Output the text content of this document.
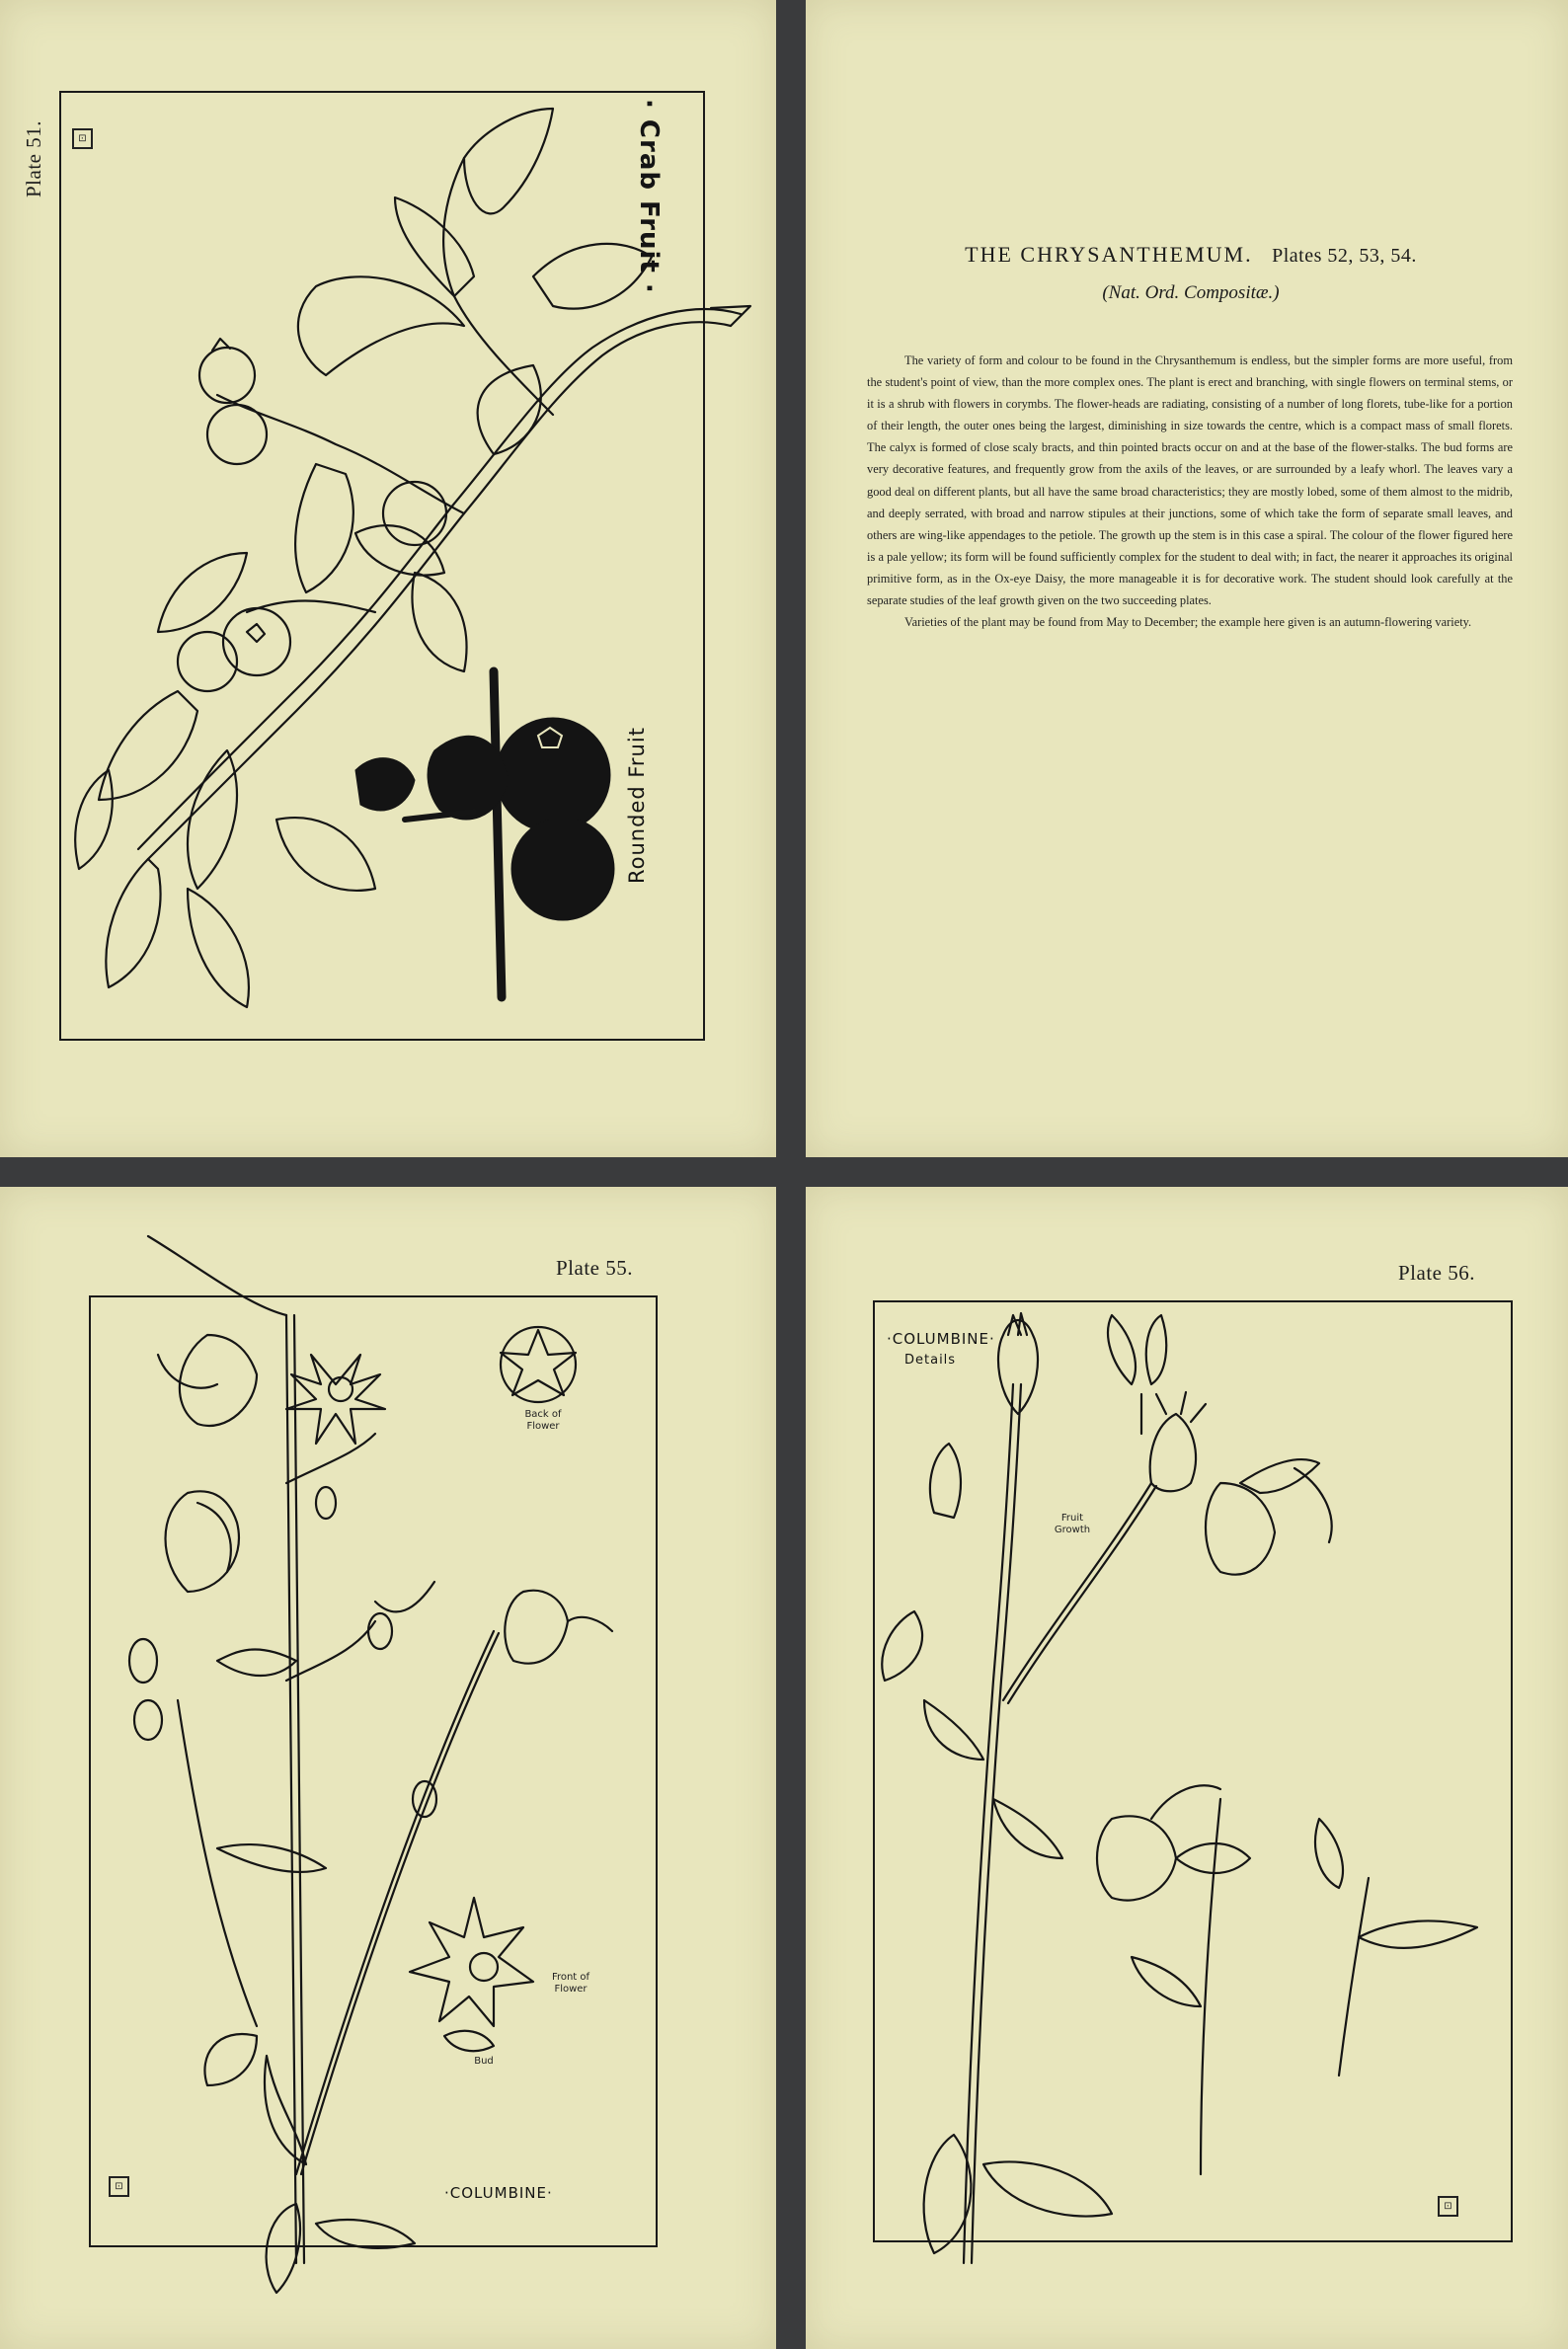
Plate 51.	⊡	· Crab Fruit ·
Rounded Fruit
THE CHRYSANTHEMUM. Plates 52, 53, 54.
(Nat. Ord. Compositæ.)

The variety of form and colour to be found in the Chrysanthemum is endless, but the simpler forms are more useful, from the student's point of view, than the more complex ones. The plant is erect and branching, with single flowers on terminal stems, or it is a shrub with flowers in corymbs. The flower-heads are radiating, consisting of a number of long florets, tube-like for a portion of their length, the outer ones being the largest, diminishing in size towards the centre, which is a compact mass of small florets. The calyx is formed of close scaly bracts, and thin pointed bracts occur on and at the base of the flower-stalks. The bud forms are very decorative features, and frequently grow from the axils of the leaves, or are surrounded by a leafy whorl. The leaves vary a good deal on different plants, but all have the same broad characteristics; they are mostly lobed, some of them almost to the midrib, and deeply serrated, with broad and narrow stipules at their junctions, some of which take the form of separate small leaves, and others are wing-like appendages to the petiole. The growth up the stem is in this case a spiral. The colour of the flower figured here is a pale yellow; its form will be found sufficiently complex for the student to deal with; in fact, the nearer it approaches its original primitive form, as in the Ox-eye Daisy, the more manageable it is for decorative work. The student should look carefully at the separate studies of the leaf growth given on the two succeeding plates.

Varieties of the plant may be found from May to December; the example here given is an autumn-flowering variety.

Plate 55.
⊡	·COLUMBINE·
Back of Flower
Front of Flower
Bud
Plate 56.
⊡
·COLUMBINE·
Details
Fruit Growth
